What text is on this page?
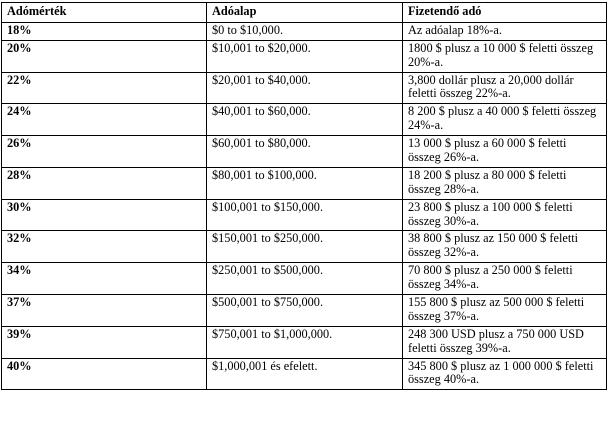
Adómérték	Adóalap	Fizetendő adó
18%	$0 to $10,000.	Az adóalap 18%-a.
20%	$10,001 to $20,000.	1800 $ plusz a 10 000 $ feletti összeg 20%-a.
22%	$20,001 to $40,000.	3,800 dollár plusz a 20,000 dollár feletti összeg 22%-a.
24%	$40,001 to $60,000.	8 200 $ plusz a 40 000 $ feletti összeg 24%-a.
26%	$60,001 to $80,000.	13 000 $ plusz a 60 000 $ feletti összeg 26%-a.
28%	$80,001 to $100,000.	18 200 $ plusz a 80 000 $ feletti összeg 28%-a.
30%	$100,001 to $150,000.	23 800 $ plusz a 100 000 $ feletti összeg 30%-a.
32%	$150,001 to $250,000.	38 800 $ plusz az 150 000 $ feletti összeg 32%-a.
34%	$250,001 to $500,000.	70 800 $ plusz a 250 000 $ feletti összeg 34%-a.
37%	$500,001 to $750,000.	155 800 $ plusz az 500 000 $ feletti összeg 37%-a.
39%	$750,001 to $1,000,000.	248 300 USD plusz a 750 000 USD feletti összeg 39%-a.
40%	$1,000,001 és efelett.	345 800 $ plusz az 1 000 000 $ feletti összeg 40%-a.
